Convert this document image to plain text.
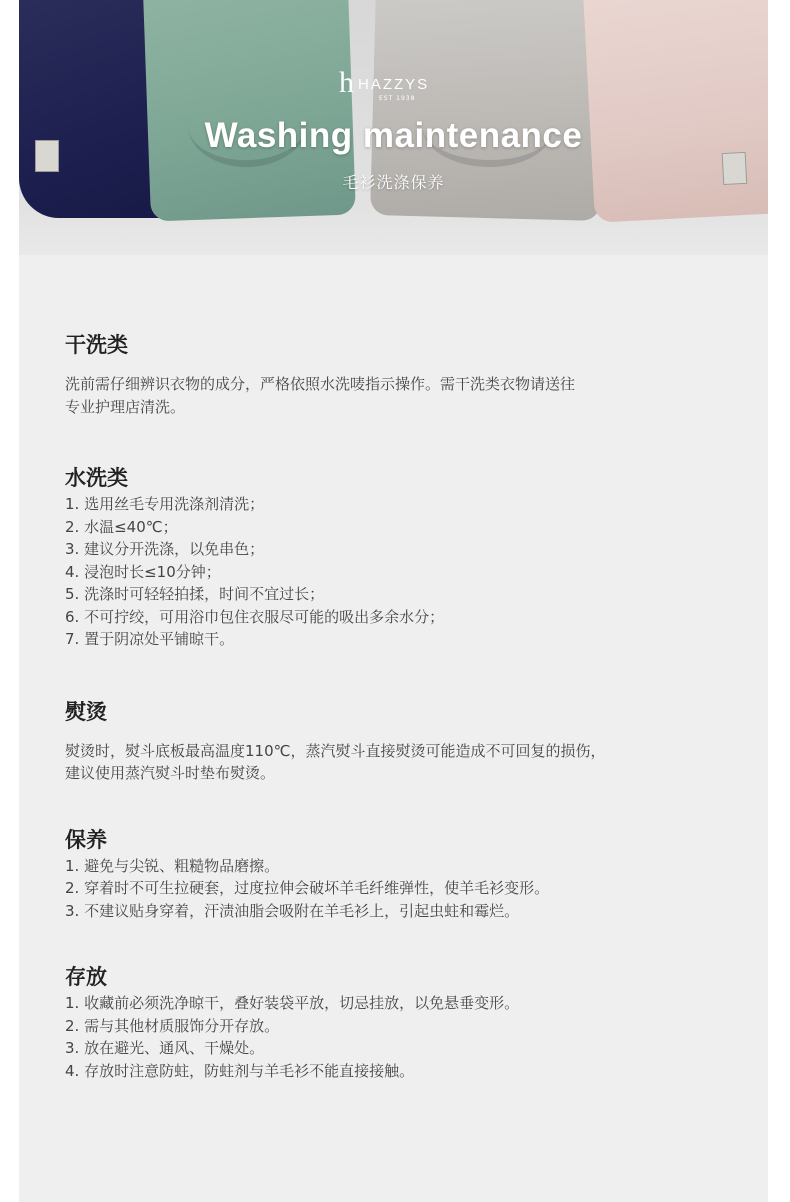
h HAZZYS
EST 1938
Washing maintenance
毛衫洗涤保养
干洗类

洗前需仔细辨识衣物的成分，严格依照水洗唛指示操作。需干洗类衣物请送往

专业护理店清洗。

水洗类
1. 选用丝毛专用洗涤剂清洗；
2. 水温≤40℃；
3. 建议分开洗涤，以免串色；
4. 浸泡时长≤10分钟；
5. 洗涤时可轻轻拍揉，时间不宜过长；
6. 不可拧绞，可用浴巾包住衣服尽可能的吸出多余水分；
7. 置于阴凉处平铺晾干。
熨烫

熨烫时，熨斗底板最高温度110℃，蒸汽熨斗直接熨烫可能造成不可回复的损伤，

建议使用蒸汽熨斗时垫布熨烫。

保养
1. 避免与尖锐、粗糙物品磨擦。
2. 穿着时不可生拉硬套，过度拉伸会破坏羊毛纤维弹性，使羊毛衫变形。
3. 不建议贴身穿着，汗渍油脂会吸附在羊毛衫上，引起虫蛀和霉烂。
存放
1. 收藏前必须洗净晾干，叠好装袋平放，切忌挂放，以免悬垂变形。
2. 需与其他材质服饰分开存放。
3. 放在避光、通风、干燥处。
4. 存放时注意防蛀，防蛀剂与羊毛衫不能直接接触。
